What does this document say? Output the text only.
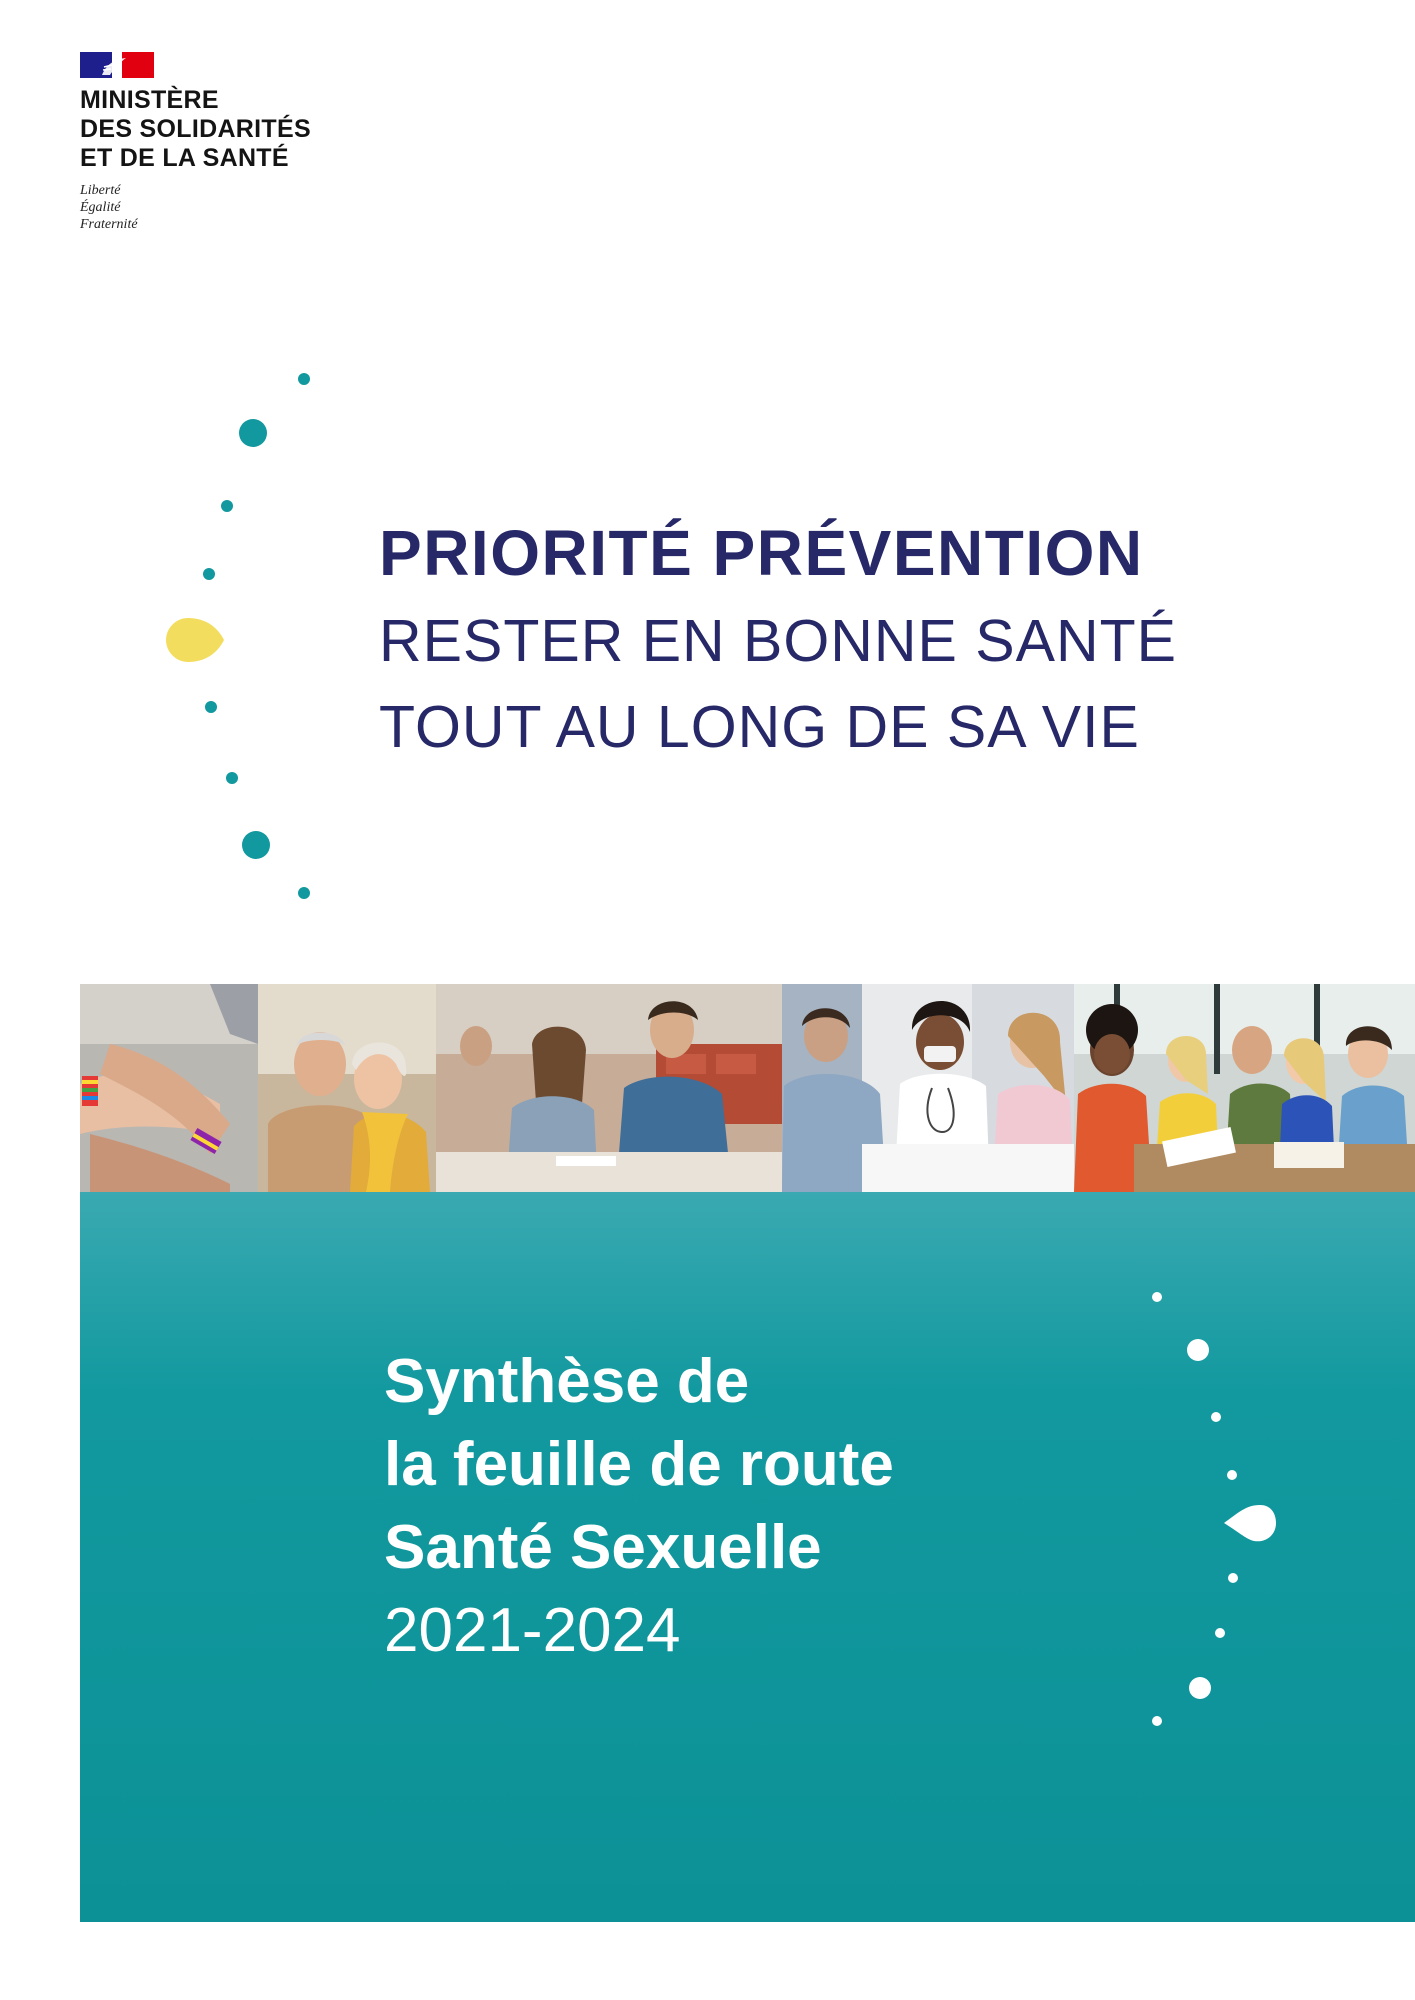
MINISTÈRE
DES SOLIDARITÉS
ET DE LA SANTÉ
Liberté
Égalité
Fraternité
PRIORITÉ PRÉVENTION
RESTER EN BONNE SANTÉ
TOUT AU LONG DE SA VIE
Synthèse de
la feuille de route
Santé Sexuelle
2021-2024
